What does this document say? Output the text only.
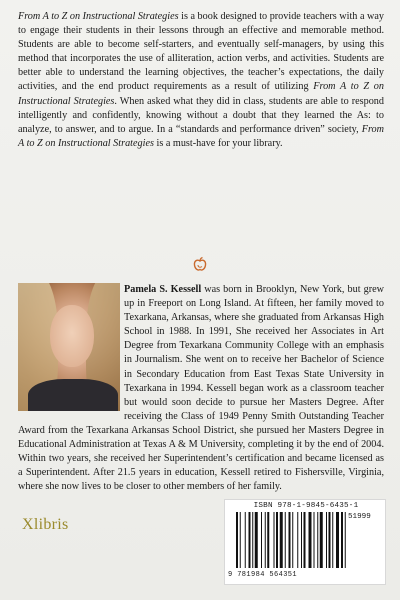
From A to Z on Instructional Strategies is a book designed to provide teachers with a way to engage their students in their lessons through an effective and memorable method. Students are able to become self-starters, and eventually self-managers, by using this method that incorporates the use of alliteration, action verbs, and activities. Students are better able to understand the learning objectives, the teacher’s expectations, the daily activities, and the end product requirements as a result of utilizing From A to Z on Instructional Strategies. When asked what they did in class, students are able to respond intelligently and confidently, knowing without a doubt that they learned the As: to analyze, to answer, and to argue. In a “standards and performance driven” society, From A to Z on Instructional Strategies is a must-have for your library.

Pamela S. Kessell was born in Brooklyn, New York, but grew up in Freeport on Long Island. At fifteen, her family moved to Texarkana, Arkansas, where she graduated from Arkansas High School in 1988. In 1991, She received her Associates in Art Degree from Texarkana Community College with an emphasis in Journalism. She went on to receive her Bachelor of Science in Secondary Education from East Texas State University in Texarkana in 1994. Kessell began work as a classroom teacher but would soon decide to pursue her Masters Degree. After receiving the Class of 1949 Penny Smith Outstanding Teacher Award from the Texarkana Arkansas School District, she pursued her Masters Degree in Educational Administration at Texas A & M University, completing it by the end of 2004. Within two years, she received her Superintendent’s certification and became licensed as a Superintendent. After 21.5 years in education, Kessell retired to Fishersville, Virginia, where she now lives to be closer to other members of her family.

Xlibris
ISBN 978-1-9845-6435-1
51999
9 781984 564351
